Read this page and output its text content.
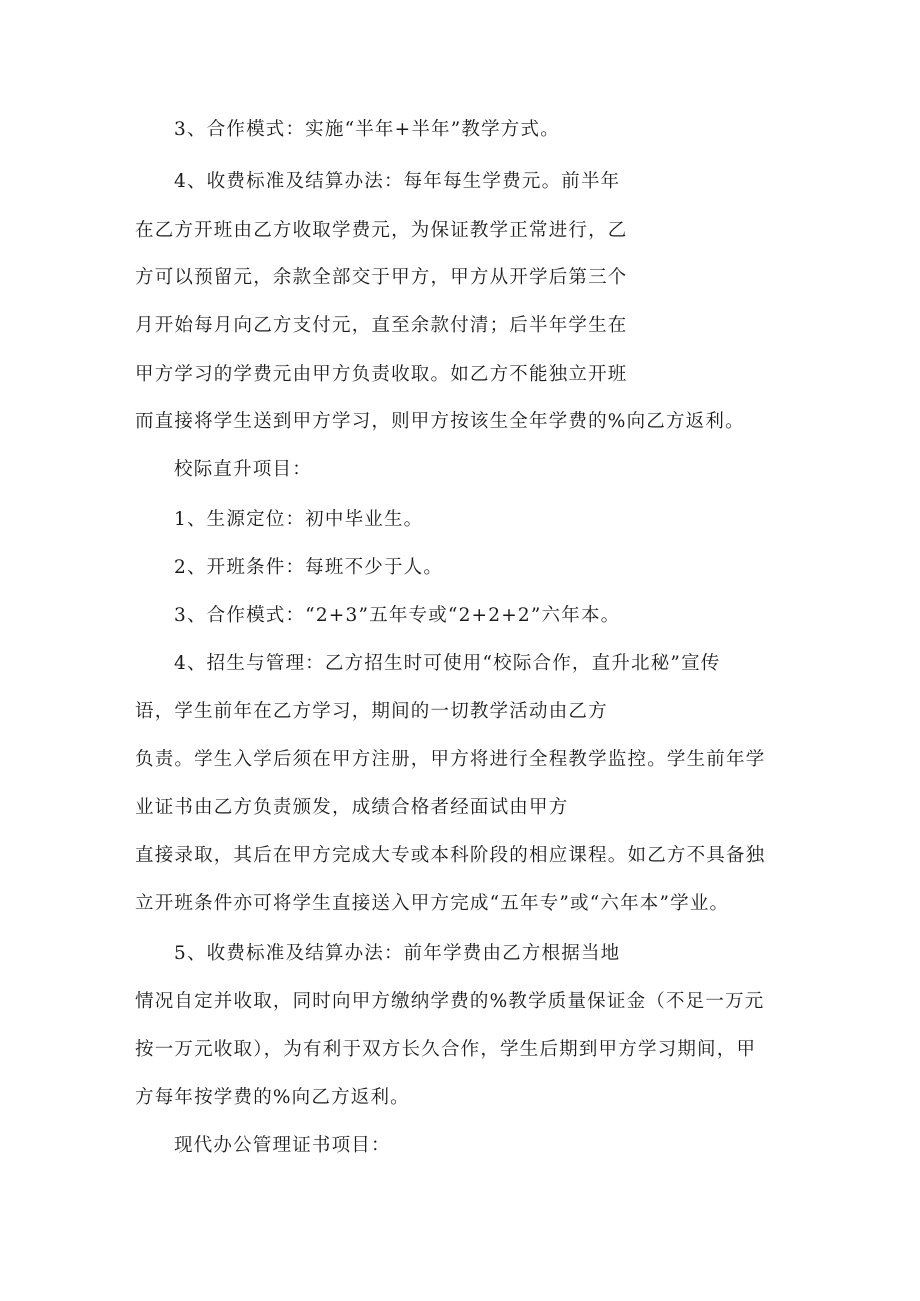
3、合作模式：实施“半年+半年”教学方式。
4、收费标准及结算办法：每年每生学费元。前半年
在乙方开班由乙方收取学费元，为保证教学正常进行，乙
方可以预留元，余款全部交于甲方，甲方从开学后第三个
月开始每月向乙方支付元，直至余款付清；后半年学生在
甲方学习的学费元由甲方负责收取。如乙方不能独立开班
而直接将学生送到甲方学习，则甲方按该生全年学费的%向乙方返利。
校际直升项目：
1、生源定位：初中毕业生。
2、开班条件：每班不少于人。
3、合作模式：“2+3”五年专或“2+2+2”六年本。
4、招生与管理：乙方招生时可使用“校际合作，直升北秘”宣传
语，学生前年在乙方学习，期间的一切教学活动由乙方
负责。学生入学后须在甲方注册，甲方将进行全程教学监控。学生前年学
业证书由乙方负责颁发，成绩合格者经面试由甲方
直接录取，其后在甲方完成大专或本科阶段的相应课程。如乙方不具备独
立开班条件亦可将学生直接送入甲方完成“五年专”或“六年本”学业。
5、收费标准及结算办法：前年学费由乙方根据当地
情况自定并收取，同时向甲方缴纳学费的%教学质量保证金（不足一万元
按一万元收取），为有利于双方长久合作，学生后期到甲方学习期间，甲
方每年按学费的%向乙方返利。
现代办公管理证书项目：
